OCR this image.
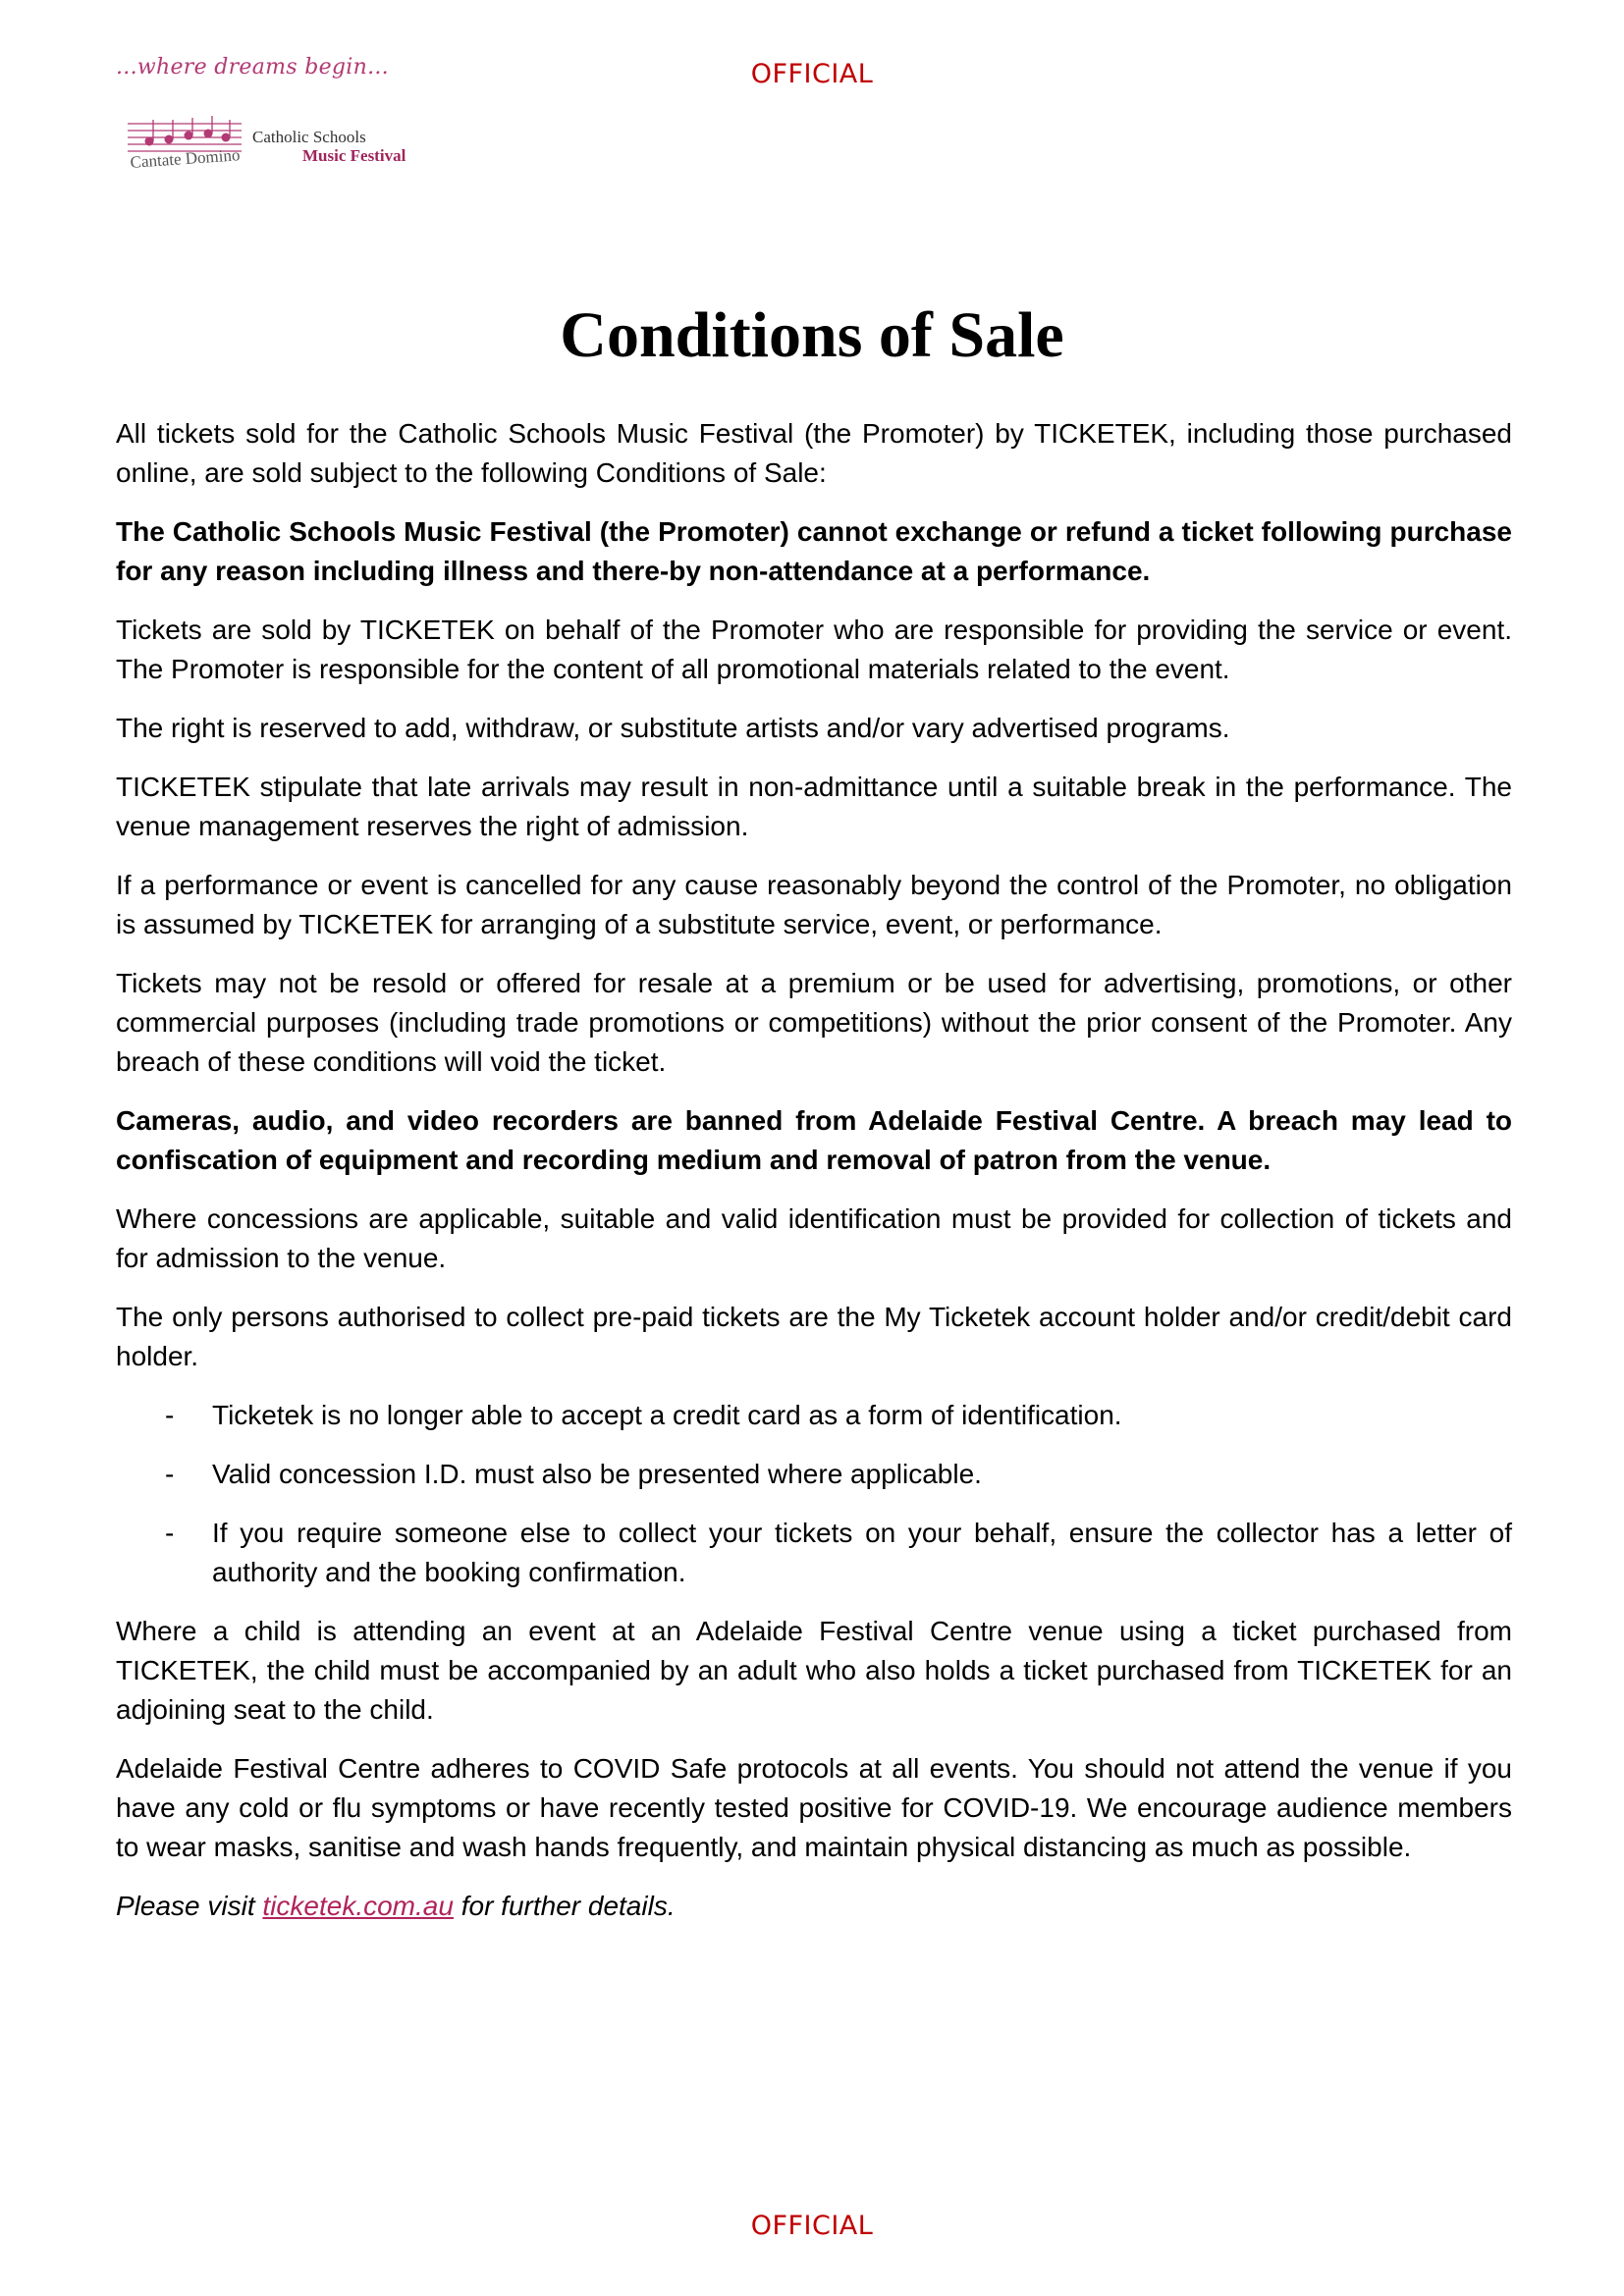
OFFICIAL
...where dreams begin...
Catholic Schools
Music Festival
Cantate Domino
Conditions of Sale

All tickets sold for the Catholic Schools Music Festival (the Promoter) by TICKETEK, including those purchased online, are sold subject to the following Conditions of Sale:

The Catholic Schools Music Festival (the Promoter) cannot exchange or refund a ticket following purchase for any reason including illness and there-by non-attendance at a performance.

Tickets are sold by TICKETEK on behalf of the Promoter who are responsible for providing the service or event. The Promoter is responsible for the content of all promotional materials related to the event.

The right is reserved to add, withdraw, or substitute artists and/or vary advertised programs.

TICKETEK stipulate that late arrivals may result in non-admittance until a suitable break in the performance. The venue management reserves the right of admission.

If a performance or event is cancelled for any cause reasonably beyond the control of the Promoter, no obligation is assumed by TICKETEK for arranging of a substitute service, event, or performance.

Tickets may not be resold or offered for resale at a premium or be used for advertising, promotions, or other commercial purposes (including trade promotions or competitions) without the prior consent of the Promoter. Any breach of these conditions will void the ticket.

Cameras, audio, and video recorders are banned from Adelaide Festival Centre. A breach may lead to confiscation of equipment and recording medium and removal of patron from the venue.

Where concessions are applicable, suitable and valid identification must be provided for collection of tickets and for admission to the venue.

The only persons authorised to collect pre-paid tickets are the My Ticketek account holder and/or credit/debit card holder.

- Ticketek is no longer able to accept a credit card as a form of identification.
- Valid concession I.D. must also be presented where applicable.
- If you require someone else to collect your tickets on your behalf, ensure the collector has a letter of authority and the booking confirmation.

Where a child is attending an event at an Adelaide Festival Centre venue using a ticket purchased from TICKETEK, the child must be accompanied by an adult who also holds a ticket purchased from TICKETEK for an adjoining seat to the child.

Adelaide Festival Centre adheres to COVID Safe protocols at all events. You should not attend the venue if you have any cold or flu symptoms or have recently tested positive for COVID-19. We encourage audience members to wear masks, sanitise and wash hands frequently, and maintain physical distancing as much as possible.

Please visit ticketek.com.au for further details.

OFFICIAL
